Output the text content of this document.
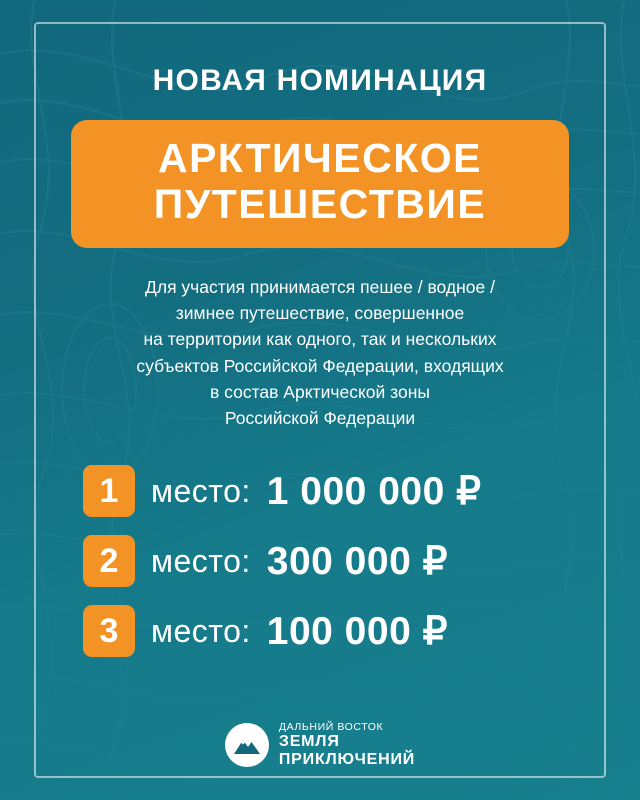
НОВАЯ НОМИНАЦИЯ
АРКТИЧЕСКОЕ
ПУТЕШЕСТВИЕ
Для участия принимается пешее / водное /
зимнее путешествие, совершенное
на территории как одного, так и нескольких
субъектов Российской Федерации, входящих
в состав Арктической зоны
Российской Федерации
1	место: 1 000 000 ₽
2	место: 300 000 ₽
3	место: 100 000 ₽
ДАЛЬНИЙ ВОСТОК
ЗЕМЛЯ
ПРИКЛЮЧЕНИЙ
